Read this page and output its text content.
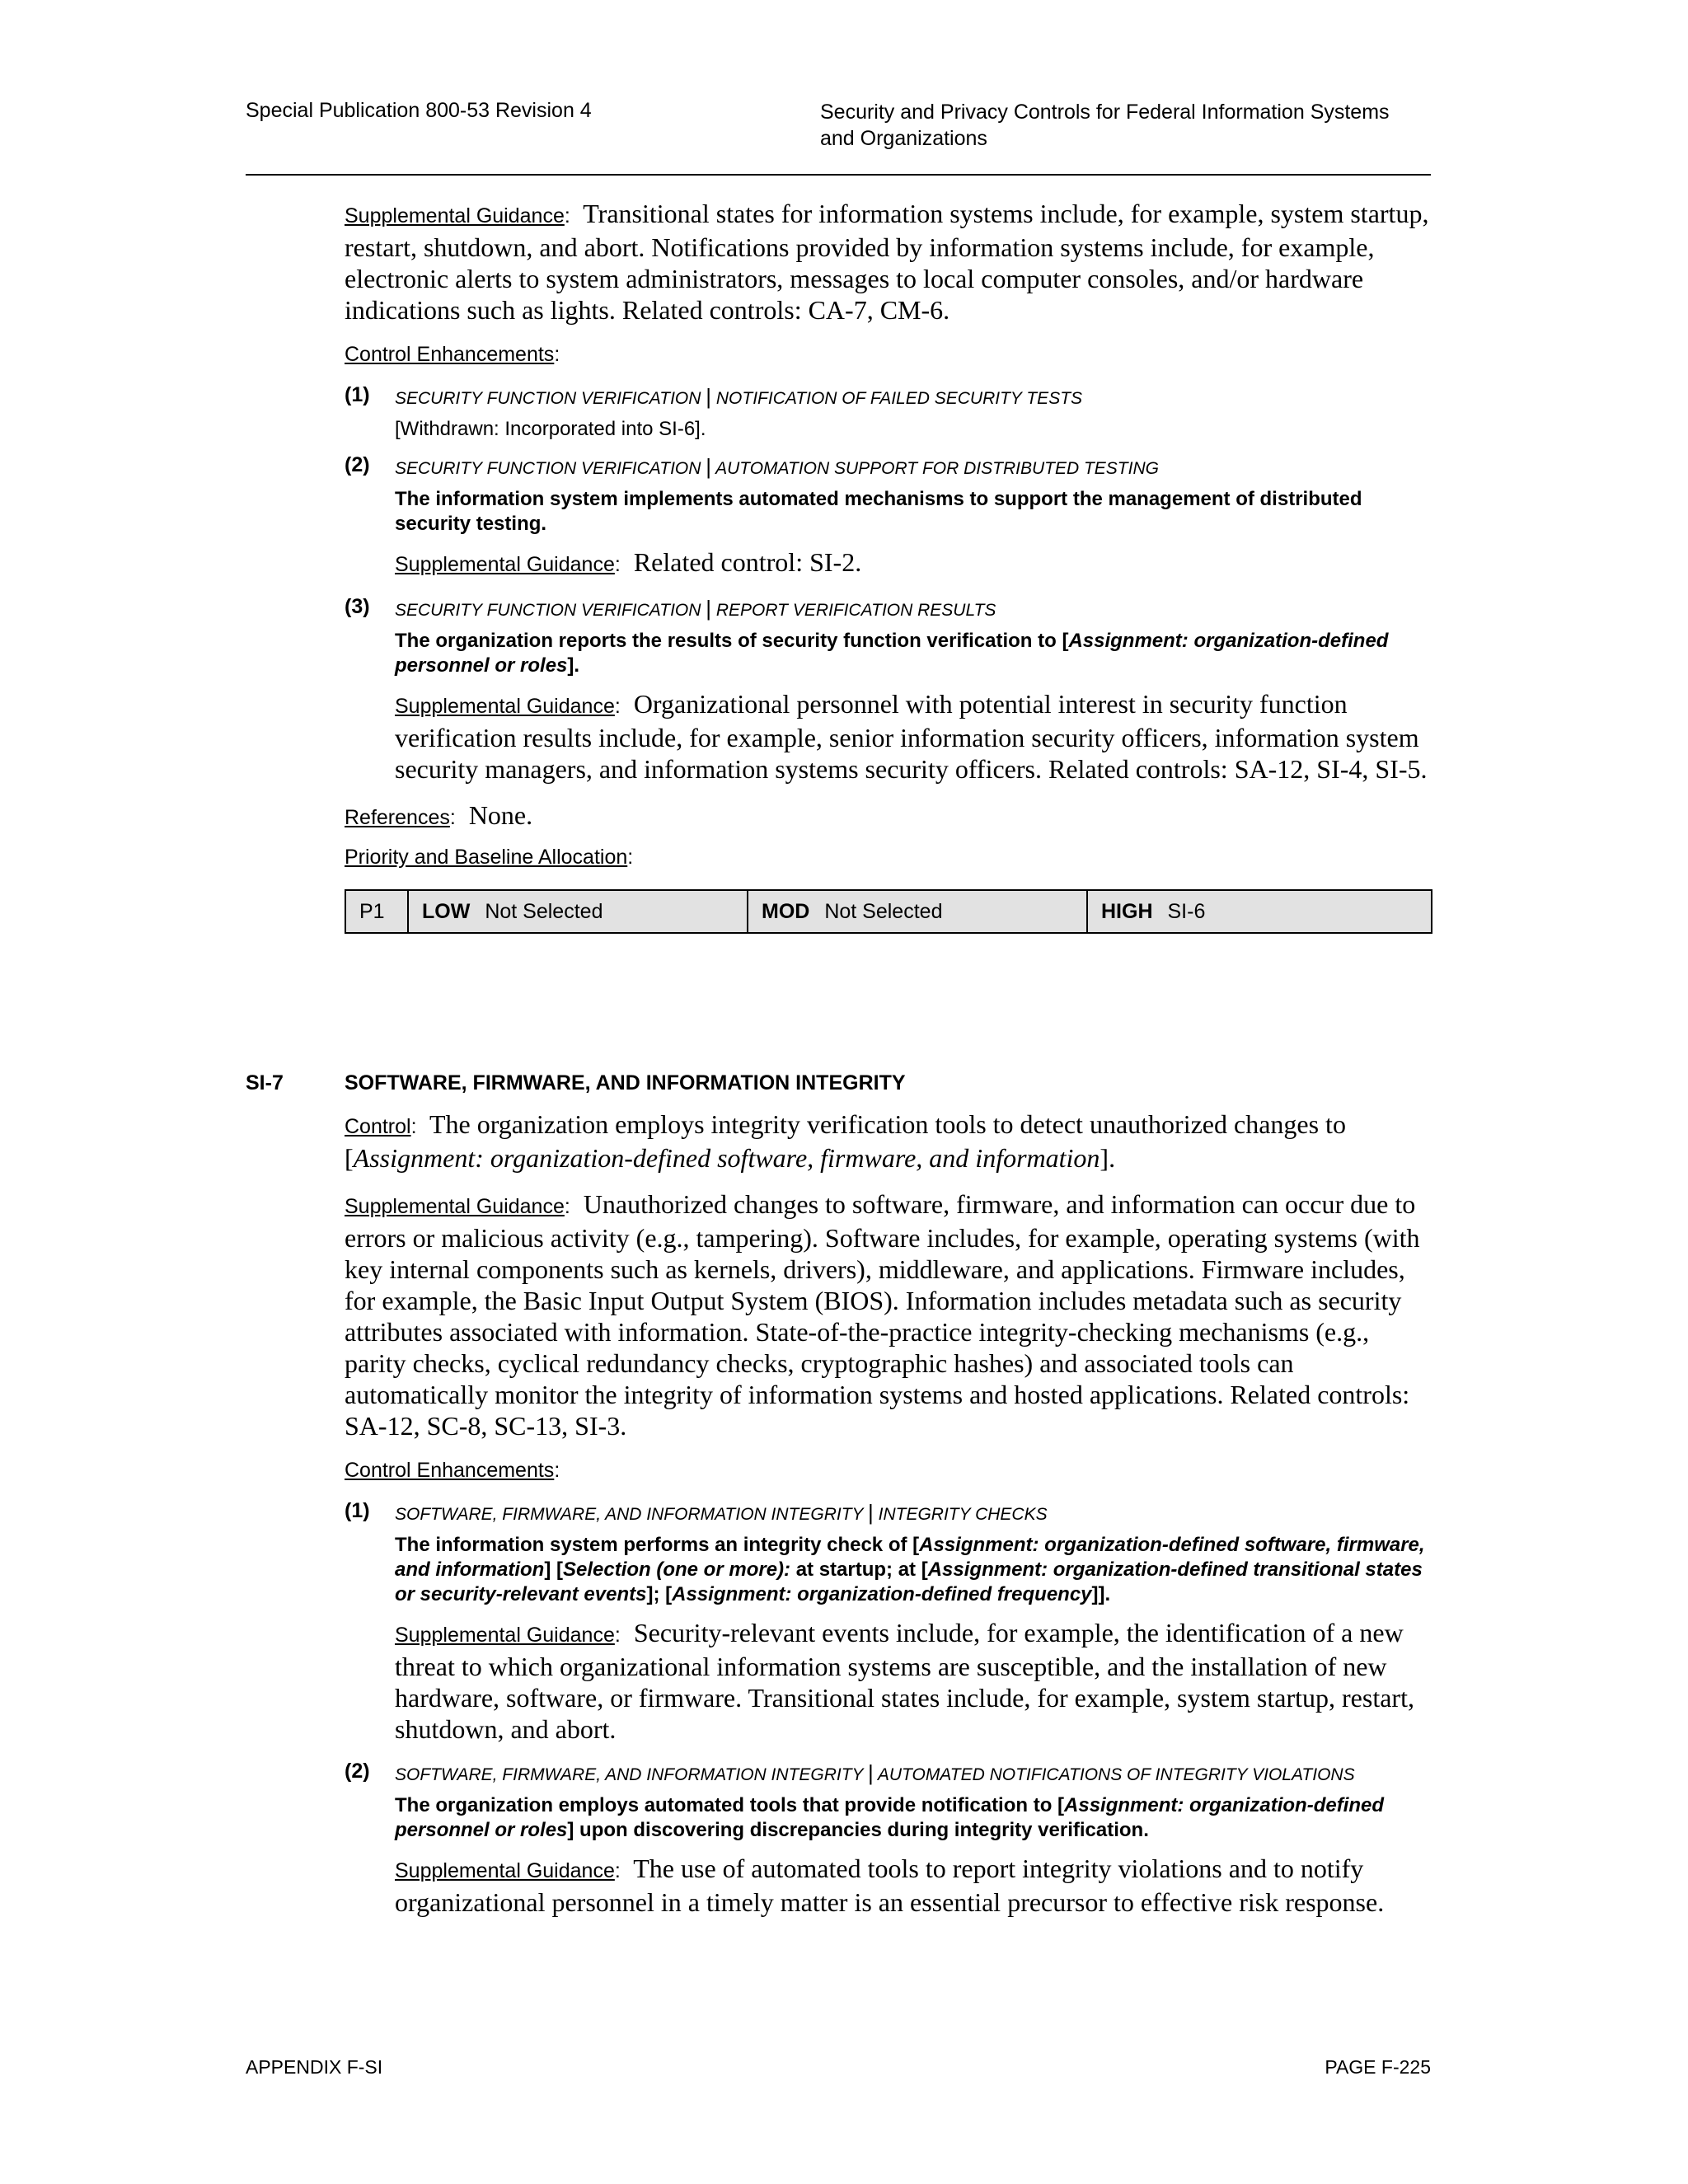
Special Publication 800-53 Revision 4	Security and Privacy Controls for Federal Information Systems
and Organizations

Supplemental Guidance: Transitional states for information systems include, for example, system startup, restart, shutdown, and abort. Notifications provided by information systems include, for example, electronic alerts to system administrators, messages to local computer consoles, and/or hardware indications such as lights. Related controls: CA-7, CM-6.

Control Enhancements:
(1) SECURITY FUNCTION VERIFICATION | NOTIFICATION OF FAILED SECURITY TESTS
[Withdrawn: Incorporated into SI-6].
(2) SECURITY FUNCTION VERIFICATION | AUTOMATION SUPPORT FOR DISTRIBUTED TESTING
The information system implements automated mechanisms to support the management of distributed security testing.

Supplemental Guidance: Related control: SI-2.

(3) SECURITY FUNCTION VERIFICATION | REPORT VERIFICATION RESULTS
The organization reports the results of security function verification to [Assignment: organization-defined personnel or roles].

Supplemental Guidance: Organizational personnel with potential interest in security function verification results include, for example, senior information security officers, information system security managers, and information systems security officers. Related controls: SA-12, SI-4, SI-5.

References: None.

Priority and Baseline Allocation:
P1	LOW Not Selected	MOD Not Selected	HIGH SI-6
SI-7	SOFTWARE, FIRMWARE, AND INFORMATION INTEGRITY

Control: The organization employs integrity verification tools to detect unauthorized changes to [Assignment: organization-defined software, firmware, and information].

Supplemental Guidance: Unauthorized changes to software, firmware, and information can occur due to errors or malicious activity (e.g., tampering). Software includes, for example, operating systems (with key internal components such as kernels, drivers), middleware, and applications. Firmware includes, for example, the Basic Input Output System (BIOS). Information includes metadata such as security attributes associated with information. State-of-the-practice integrity-checking mechanisms (e.g., parity checks, cyclical redundancy checks, cryptographic hashes) and associated tools can automatically monitor the integrity of information systems and hosted applications. Related controls: SA-12, SC-8, SC-13, SI-3.

Control Enhancements:
(1) SOFTWARE, FIRMWARE, AND INFORMATION INTEGRITY | INTEGRITY CHECKS
The information system performs an integrity check of [Assignment: organization-defined software, firmware, and information] [Selection (one or more): at startup; at [Assignment: organization-defined transitional states or security-relevant events]; [Assignment: organization-defined frequency]].

Supplemental Guidance: Security-relevant events include, for example, the identification of a new threat to which organizational information systems are susceptible, and the installation of new hardware, software, or firmware. Transitional states include, for example, system startup, restart, shutdown, and abort.

(2) SOFTWARE, FIRMWARE, AND INFORMATION INTEGRITY | AUTOMATED NOTIFICATIONS OF INTEGRITY VIOLATIONS
The organization employs automated tools that provide notification to [Assignment: organization-defined personnel or roles] upon discovering discrepancies during integrity verification.

Supplemental Guidance: The use of automated tools to report integrity violations and to notify organizational personnel in a timely matter is an essential precursor to effective risk response.

APPENDIX F-SI	PAGE F-225
